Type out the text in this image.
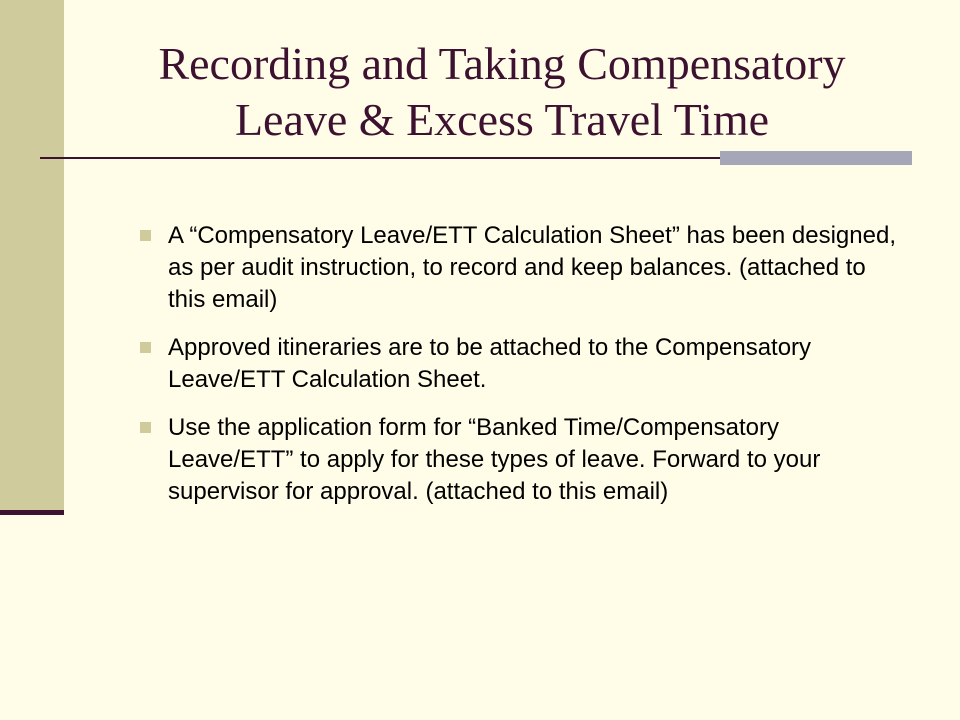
Recording and Taking Compensatory
Leave & Excess Travel Time
A “Compensatory Leave/ETT Calculation Sheet” has been designed, as per audit instruction, to record and keep balances. (attached to this email)
Approved itineraries are to be attached to the Compensatory Leave/ETT Calculation Sheet.
Use the application form for “Banked Time/Compensatory Leave/ETT” to apply for these types of leave. Forward to your supervisor for approval. (attached to this email)
